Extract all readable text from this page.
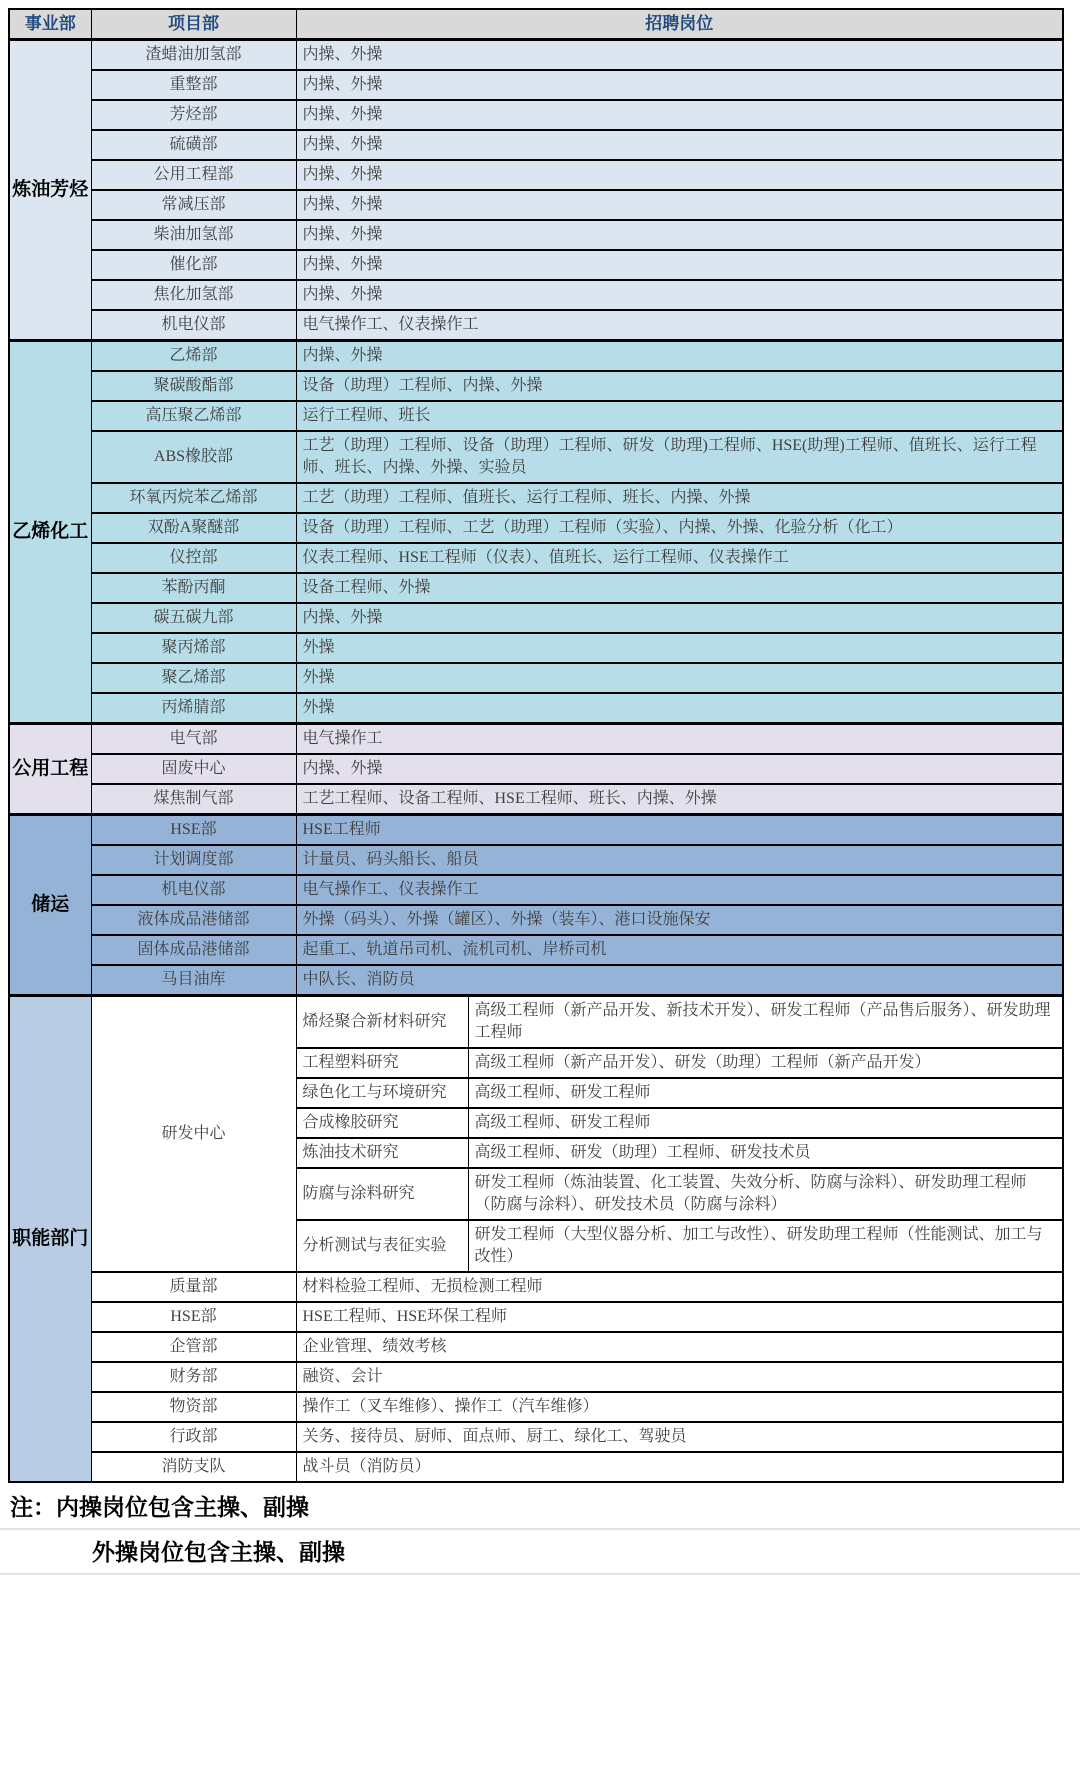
事业部	项目部	招聘岗位	
炼油芳烃	渣蜡油加氢部	内操、外操	
	重整部	内操、外操	
	芳烃部	内操、外操	
	硫磺部	内操、外操	
	公用工程部	内操、外操	
	常减压部	内操、外操	
	柴油加氢部	内操、外操	
	催化部	内操、外操	
	焦化加氢部	内操、外操	
	机电仪部	电气操作工、仪表操作工	
乙烯化工	乙烯部	内操、外操	
	聚碳酸酯部	设备（助理）工程师、内操、外操	
	高压聚乙烯部	运行工程师、班长	
	ABS橡胶部	工艺（助理）工程师、设备（助理）工程师、研发（助理)工程师、HSE(助理)工程师、值班长、运行工程师、班长、内操、外操、实验员	
	环氧丙烷苯乙烯部	工艺（助理）工程师、值班长、运行工程师、班长、内操、外操	
	双酚A聚醚部	设备（助理）工程师、工艺（助理）工程师（实验）、内操、外操、化验分析（化工）	
	仪控部	仪表工程师、HSE工程师（仪表）、值班长、运行工程师、仪表操作工	
	苯酚丙酮	设备工程师、外操	
	碳五碳九部	内操、外操	
	聚丙烯部	外操	
	聚乙烯部	外操	
	丙烯腈部	外操	
公用工程	电气部	电气操作工	
	固废中心	内操、外操	
	煤焦制气部	工艺工程师、设备工程师、HSE工程师、班长、内操、外操	
储运	HSE部	HSE工程师	
	计划调度部	计量员、码头船长、船员	
	机电仪部	电气操作工、仪表操作工	
	液体成品港储部	外操（码头）、外操（罐区）、外操（装车）、港口设施保安	
	固体成品港储部	起重工、轨道吊司机、流机司机、岸桥司机	
	马目油库	中队长、消防员	
职能部门	研发中心	烯烃聚合新材料研究	高级工程师（新产品开发、新技术开发）、研发工程师（产品售后服务）、研发助理工程师
		工程塑料研究	高级工程师（新产品开发）、研发（助理）工程师（新产品开发）
		绿色化工与环境研究	高级工程师、研发工程师
		合成橡胶研究	高级工程师、研发工程师
		炼油技术研究	高级工程师、研发（助理）工程师、研发技术员
		防腐与涂料研究	研发工程师（炼油装置、化工装置、失效分析、防腐与涂料）、研发助理工程师（防腐与涂料）、研发技术员（防腐与涂料）
		分析测试与表征实验	研发工程师（大型仪器分析、加工与改性）、研发助理工程师（性能测试、加工与改性）
	质量部	材料检验工程师、无损检测工程师	
	HSE部	HSE工程师、HSE环保工程师	
	企管部	企业管理、绩效考核	
	财务部	融资、会计	
	物资部	操作工（叉车维修）、操作工（汽车维修）	
	行政部	关务、接待员、厨师、面点师、厨工、绿化工、驾驶员	
	消防支队	战斗员（消防员）	
注：内操岗位包含主操、副操
外操岗位包含主操、副操
